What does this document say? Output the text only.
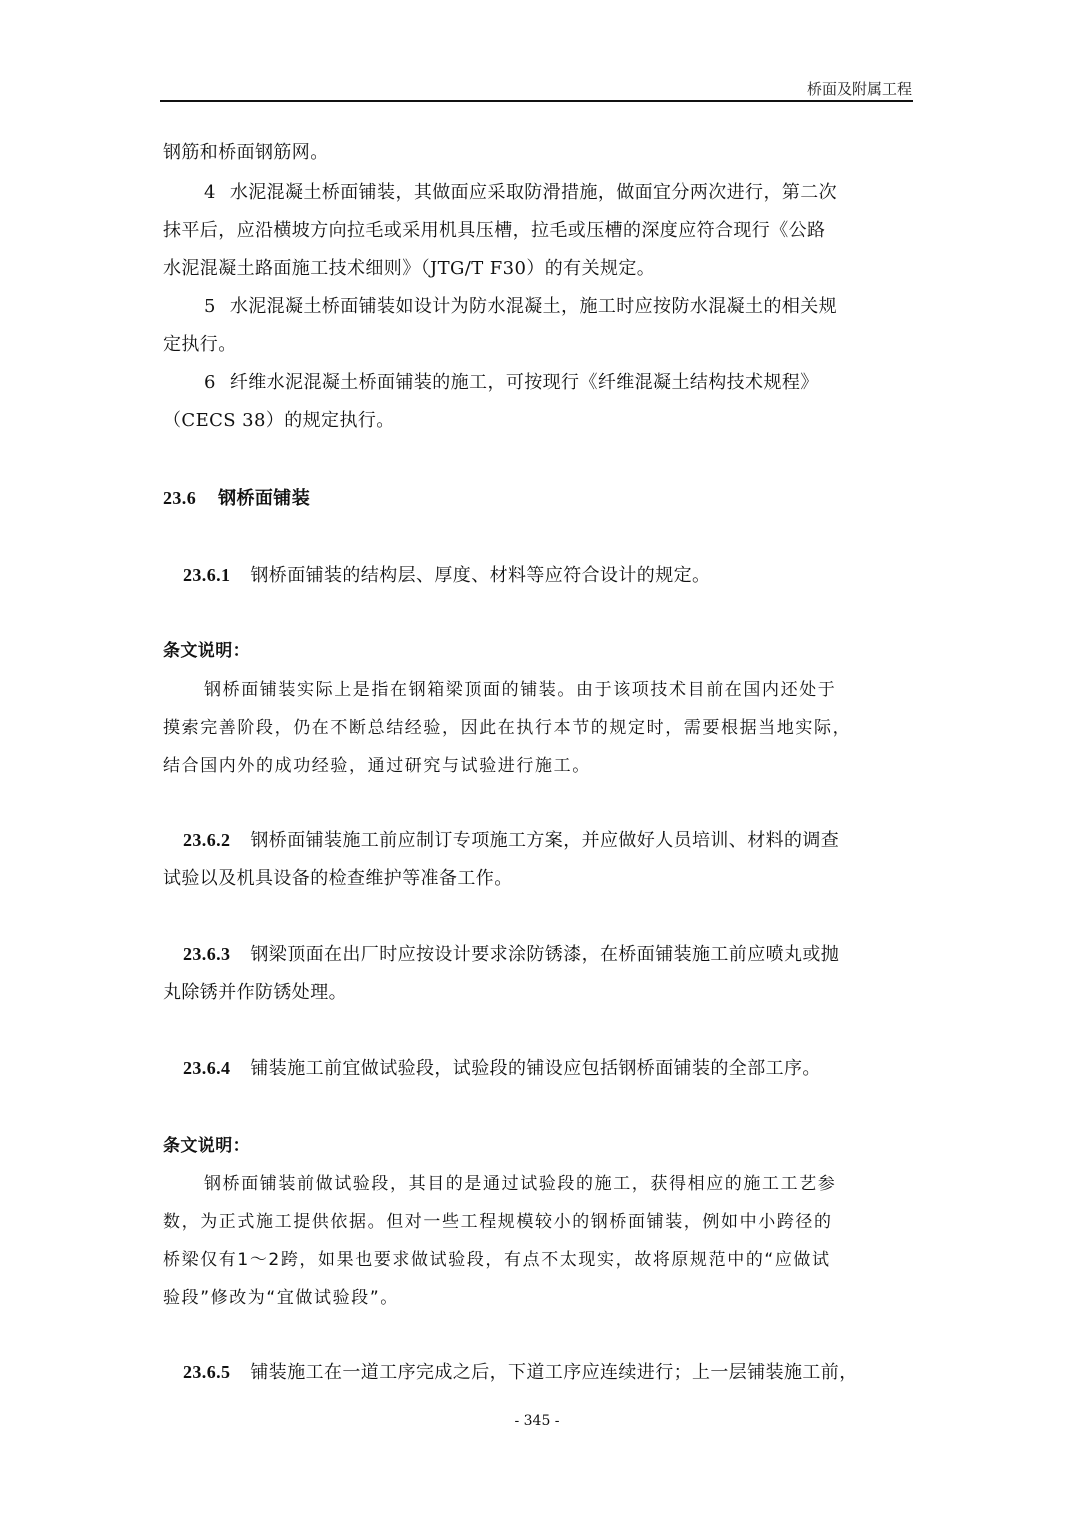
桥面及附属工程
钢筋和桥面钢筋网。
4 水泥混凝土桥面铺装，其做面应采取防滑措施，做面宜分两次进行，第二次
抹平后，应沿横坡方向拉毛或采用机具压槽，拉毛或压槽的深度应符合现行《公路
水泥混凝土路面施工技术细则》（JTG/T F30）的有关规定。
5 水泥混凝土桥面铺装如设计为防水混凝土，施工时应按防水混凝土的相关规
定执行。
6 纤维水泥混凝土桥面铺装的施工，可按现行《纤维混凝土结构技术规程》
（CECS 38）的规定执行。
23.6 钢桥面铺装
23.6.1 钢桥面铺装的结构层、厚度、材料等应符合设计的规定。
条文说明：
钢桥面铺装实际上是指在钢箱梁顶面的铺装。由于该项技术目前在国内还处于
摸索完善阶段，仍在不断总结经验，因此在执行本节的规定时，需要根据当地实际，
结合国内外的成功经验，通过研究与试验进行施工。
23.6.2 钢桥面铺装施工前应制订专项施工方案，并应做好人员培训、材料的调查
试验以及机具设备的检查维护等准备工作。
23.6.3 钢梁顶面在出厂时应按设计要求涂防锈漆，在桥面铺装施工前应喷丸或抛
丸除锈并作防锈处理。
23.6.4 铺装施工前宜做试验段，试验段的铺设应包括钢桥面铺装的全部工序。
条文说明：
钢桥面铺装前做试验段，其目的是通过试验段的施工，获得相应的施工工艺参
数，为正式施工提供依据。但对一些工程规模较小的钢桥面铺装，例如中小跨径的
桥梁仅有1～2跨，如果也要求做试验段，有点不太现实，故将原规范中的“应做试
验段”修改为“宜做试验段”。
23.6.5 铺装施工在一道工序完成之后，下道工序应连续进行；上一层铺装施工前，
- 345 -
